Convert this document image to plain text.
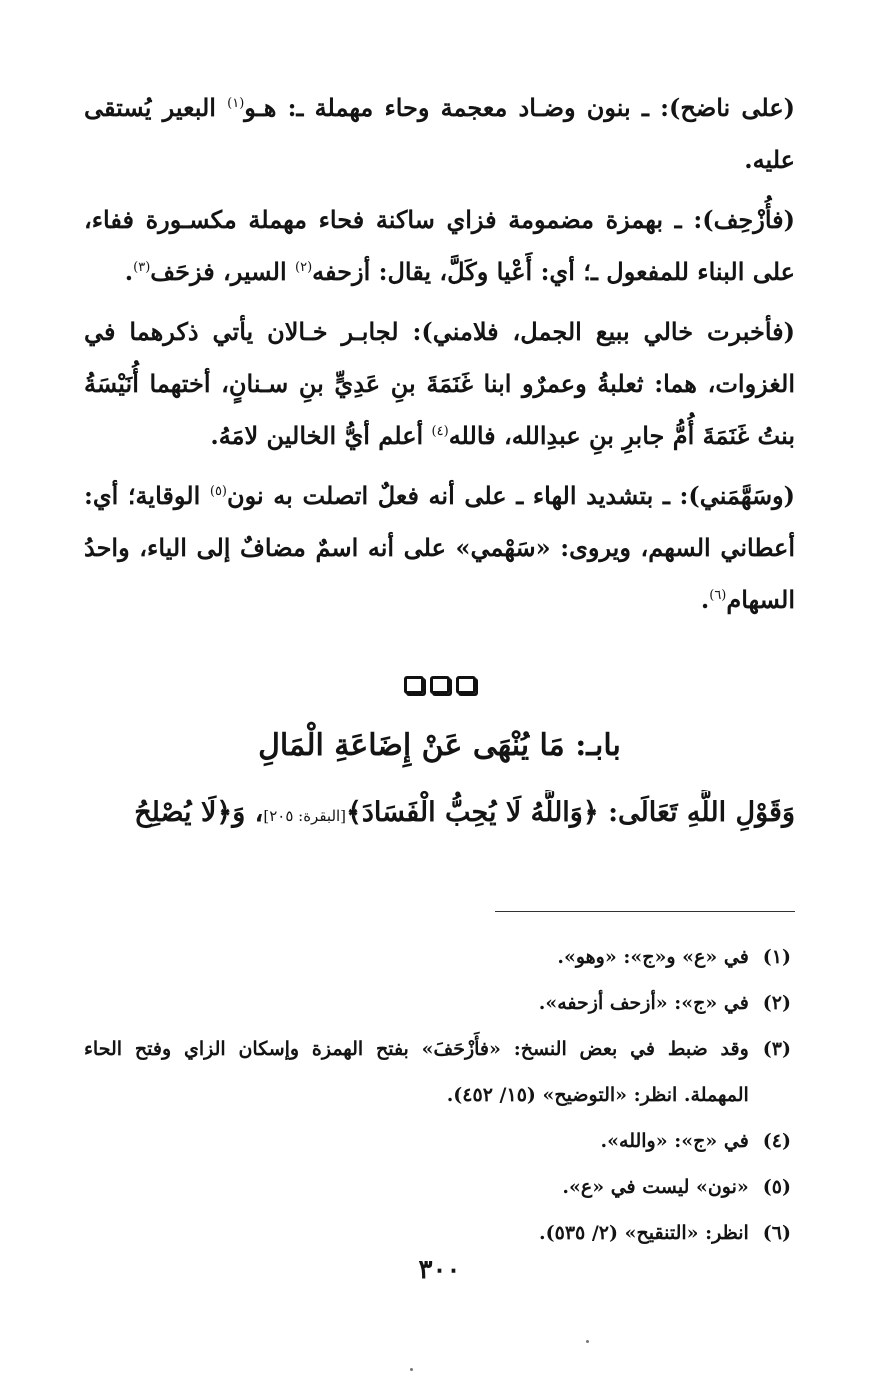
(على ناضح): ـ بنون وضـاد معجمة وحاء مهملة ـ: هـو$^{(١)}$ البعير يُستقى عليه.

(فأُزْحِف): ـ بهمزة مضمومة فزاي ساكنة فحاء مهملة مكسـورة ففاء، على البناء للمفعول ـ؛ أي: أَعْيا وكَلَّ، يقال: أزحفه$^{(٢)}$ السير، فزحَف$^{(٣)}$.

(فأخبرت خالي ببيع الجمل، فلامني): لجابـر خـالان يأتي ذكرهما في الغزوات، هما: ثعلبةُ وعمرٌو ابنا غَنَمَةَ بنِ عَدِيٍّ بنِ سـنانٍ، أختهما أُنَيْسَةُ بنتُ غَنَمَةَ أُمُّ جابرِ بنِ عبدِالله، فالله$^{(٤)}$ أعلم أيُّ الخالين لامَهُ.

(وسَهَّمَني): ـ بتشديد الهاء ـ على أنه فعلٌ اتصلت به نون$^{(٥)}$ الوقاية؛ أي: أعطاني السهم، ويروى: «سَهْمي» على أنه اسمٌ مضافٌ إلى الياء، واحدُ السهام$^{(٦)}$.

بابـ: مَا يُنْهَى عَنْ إِضَاعَةِ الْمَالِ

وَقَوْلِ اللَّهِ تَعَالَى: ﴿وَاللَّهُ لَا يُحِبُّ الْفَسَادَ﴾[البقرة: ٢٠٥]، وَ﴿لَا يُصْلِحُ

(١)
في «ع» و«ج»: «وهو».
(٢)
في «ج»: «أزحف أزحفه».
(٣)
وقد ضبط في بعض النسخ: «فأَزْحَفَ» بفتح الهمزة وإسكان الزاي وفتح الحاء المهملة. انظر: «التوضيح» (١٥/ ٤٥٢).
(٤)
في «ج»: «والله».
(٥)
«نون» ليست في «ع».
(٦)
انظر: «التنقيح» (٢/ ٥٣٥).
٣٠٠
